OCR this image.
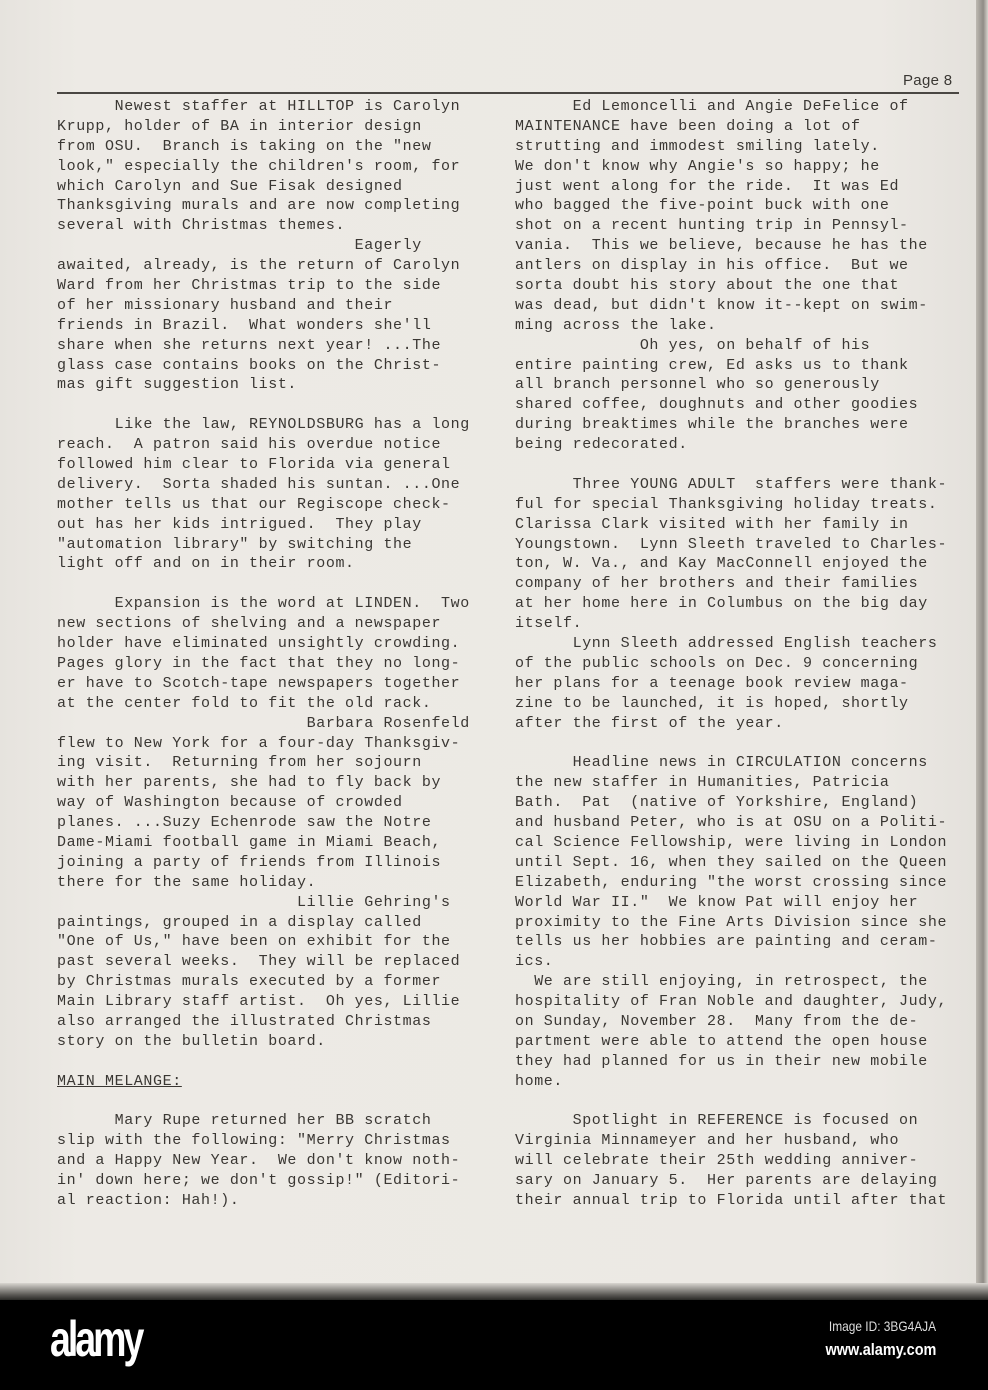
Page 8
Newest staffer at HILLTOP is Carolyn
Krupp, holder of BA in interior design
from OSU.  Branch is taking on the "new
look," especially the children's room, for
which Carolyn and Sue Fisak designed
Thanksgiving murals and are now completing
several with Christmas themes.
Eagerly
awaited, already, is the return of Carolyn
Ward from her Christmas trip to the side
of her missionary husband and their
friends in Brazil.  What wonders she'll
share when she returns next year! ...The
glass case contains books on the Christ-
mas gift suggestion list.
Like the law, REYNOLDSBURG has a long
reach.  A patron said his overdue notice
followed him clear to Florida via general
delivery.  Sorta shaded his suntan. ...One
mother tells us that our Regiscope check-
out has her kids intrigued.  They play
"automation library" by switching the
light off and on in their room.
Expansion is the word at LINDEN.  Two
new sections of shelving and a newspaper
holder have eliminated unsightly crowding.
Pages glory in the fact that they no long-
er have to Scotch-tape newspapers together
at the center fold to fit the old rack.
Barbara Rosenfeld
flew to New York for a four-day Thanksgiv-
ing visit.  Returning from her sojourn
with her parents, she had to fly back by
way of Washington because of crowded
planes. ...Suzy Echenrode saw the Notre
Dame-Miami football game in Miami Beach,
joining a party of friends from Illinois
there for the same holiday.
Lillie Gehring's
paintings, grouped in a display called
"One of Us," have been on exhibit for the
past several weeks.  They will be replaced
by Christmas murals executed by a former
Main Library staff artist.  Oh yes, Lillie
also arranged the illustrated Christmas
story on the bulletin board.
MAIN MELANGE:
Mary Rupe returned her BB scratch
slip with the following: "Merry Christmas
and a Happy New Year.  We don't know noth-
in' down here; we don't gossip!" (Editori-
al reaction: Hah!).
Ed Lemoncelli and Angie DeFelice of
MAINTENANCE have been doing a lot of
strutting and immodest smiling lately.
We don't know why Angie's so happy; he
just went along for the ride.  It was Ed
who bagged the five-point buck with one
shot on a recent hunting trip in Pennsyl-
vania.  This we believe, because he has the
antlers on display in his office.  But we
sorta doubt his story about the one that
was dead, but didn't know it--kept on swim-
ming across the lake.
Oh yes, on behalf of his
entire painting crew, Ed asks us to thank
all branch personnel who so generously
shared coffee, doughnuts and other goodies
during breaktimes while the branches were
being redecorated.
Three YOUNG ADULT  staffers were thank-
ful for special Thanksgiving holiday treats.
Clarissa Clark visited with her family in
Youngstown.  Lynn Sleeth traveled to Charles-
ton, W. Va., and Kay MacConnell enjoyed the
company of her brothers and their families
at her home here in Columbus on the big day
itself.
Lynn Sleeth addressed English teachers
of the public schools on Dec. 9 concerning
her plans for a teenage book review maga-
zine to be launched, it is hoped, shortly
after the first of the year.
Headline news in CIRCULATION concerns
the new staffer in Humanities, Patricia
Bath.  Pat  (native of Yorkshire, England)
and husband Peter, who is at OSU on a Politi-
cal Science Fellowship, were living in London
until Sept. 16, when they sailed on the Queen
Elizabeth, enduring "the worst crossing since
World War II."  We know Pat will enjoy her
proximity to the Fine Arts Division since she
tells us her hobbies are painting and ceram-
ics.
We are still enjoying, in retrospect, the
hospitality of Fran Noble and daughter, Judy,
on Sunday, November 28.  Many from the de-
partment were able to attend the open house
they had planned for us in their new mobile
home.
Spotlight in REFERENCE is focused on
Virginia Minnameyer and her husband, who
will celebrate their 25th wedding anniver-
sary on January 5.  Her parents are delaying
their annual trip to Florida until after that
alamy	Image ID: 3BG4AJA
www.alamy.com
